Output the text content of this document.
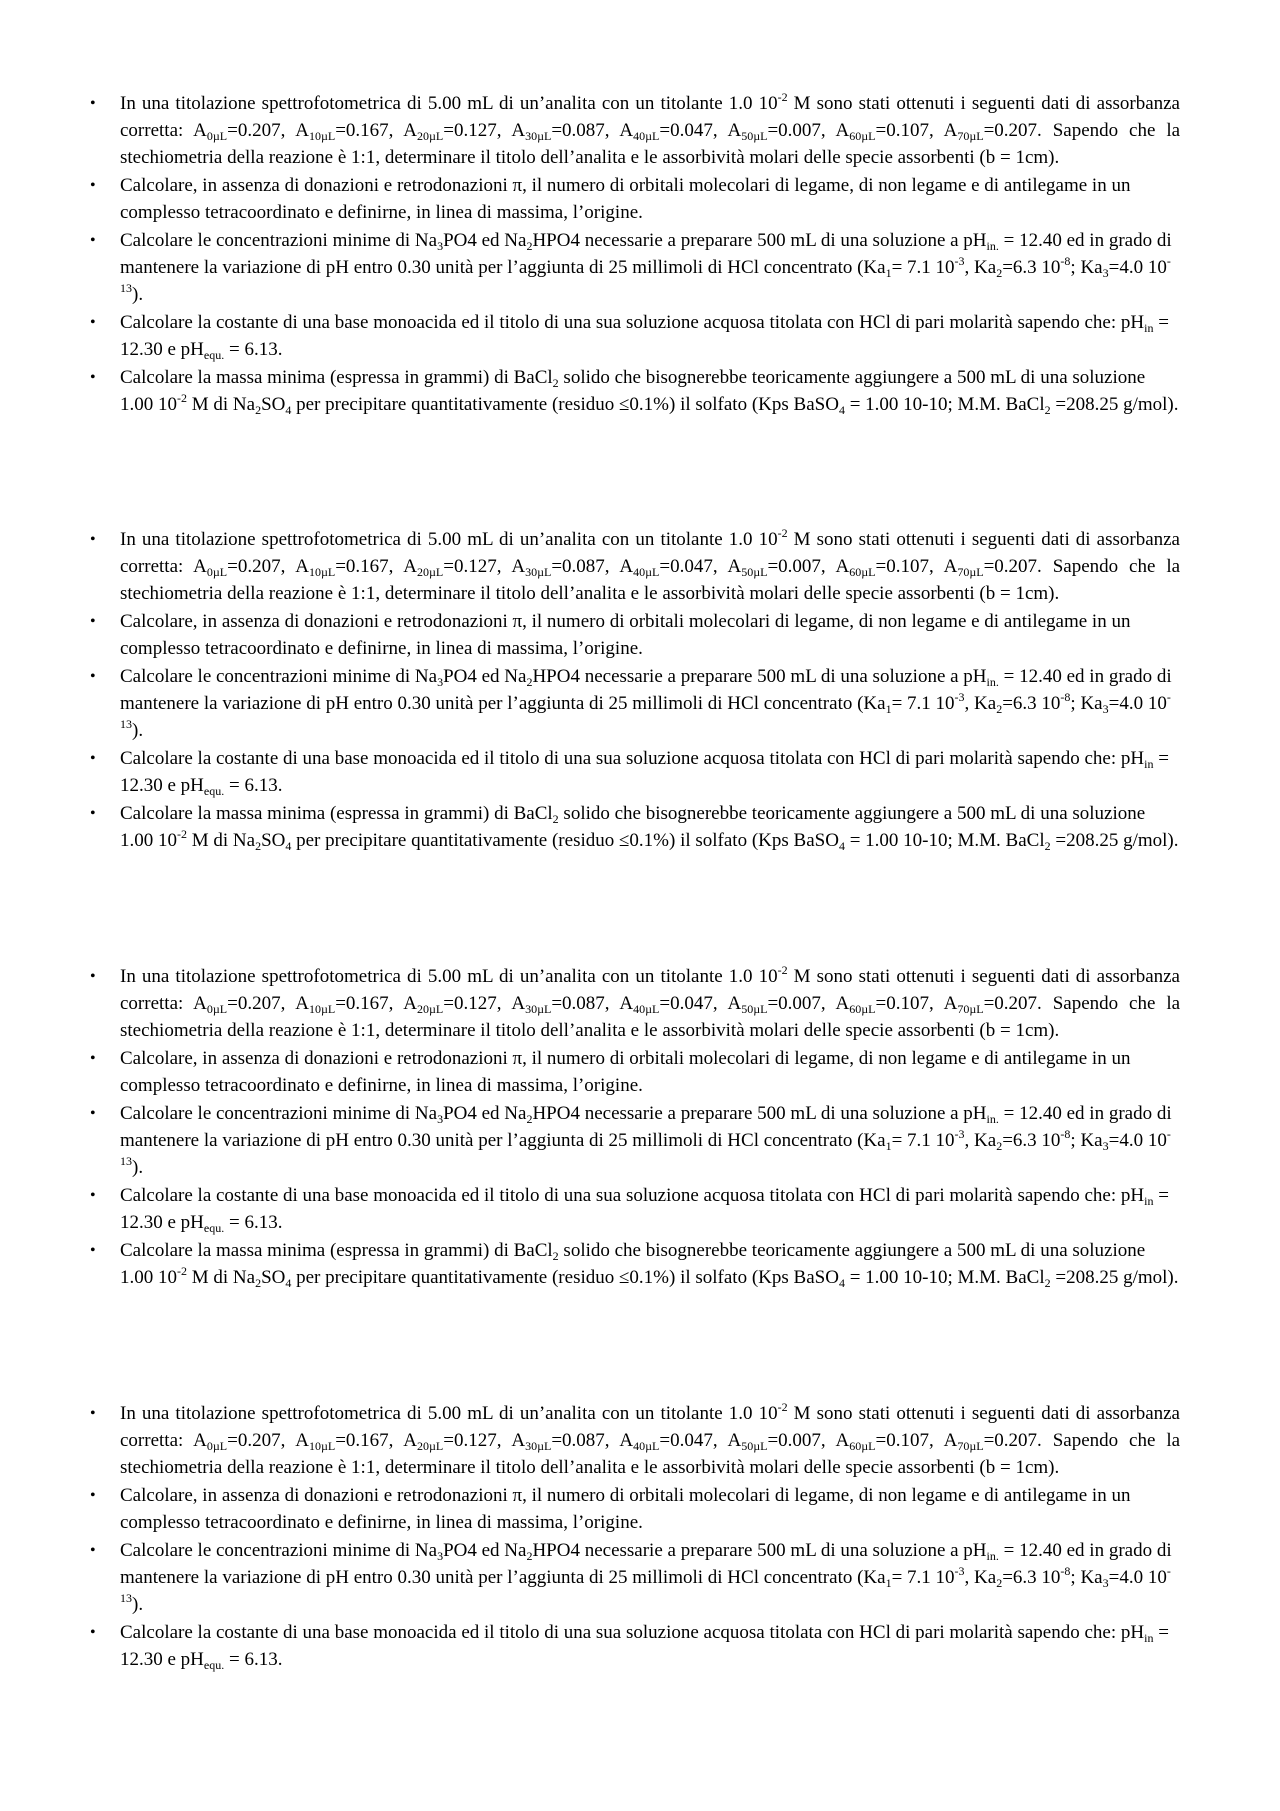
•	In una titolazione spettrofotometrica di 5.00 mL di un’analita con un titolante 1.0 $10^{-2}$ M sono stati ottenuti i seguenti dati di assorbanza corretta: $A_{0\mu L}=0.207$, $A_{10\mu L}=0.167$, $A_{20\mu L}=0.127$, $A_{30\mu L}=0.087$, $A_{40\mu L}=0.047$, $A_{50\mu L}=0.007$, $A_{60\mu L}=0.107$, $A_{70\mu L}=0.207$. Sapendo che la stechiometria della reazione è 1:1, determinare il titolo dell’analita e le assorbività molari delle specie assorbenti (b = 1cm).

•	Calcolare, in assenza di donazioni e retrodonazioni π, il numero di orbitali molecolari di legame, di non legame e di antilegame in un complesso tetracoordinato e definirne, in linea di massima, l’origine.

•	Calcolare le concentrazioni minime di $Na_3PO4$ ed $Na_2HPO4$ necessarie a preparare 500 mL di una soluzione a $pH_{in.} = 12.40$ ed in grado di mantenere la variazione di pH entro 0.30 unità per l’aggiunta di 25 millimoli di HCl concentrato ($Ka_1= 7.1$ $10^{-3}$, $Ka_2=6.3$ $10^{-8}$; $Ka_3=4.0$ $10^{-13}$).

•	Calcolare la costante di una base monoacida ed il titolo di una sua soluzione acquosa titolata con HCl di pari molarità sapendo che: $pH_{in} = 12.30$ e $pH_{equ.} = 6.13$.

•	Calcolare la massa minima (espressa in grammi) di BaCl$_2$ solido che bisognerebbe teoricamente aggiungere a 500 mL di una soluzione 1.00 $10^{-2}$ M di $Na_2SO_4$ per precipitare quantitativamente (residuo ≤0.1%) il solfato (Kps BaSO$_4$ = 1.00 10-10; M.M. BaCl$_2$ =208.25 g/mol).

•	In una titolazione spettrofotometrica di 5.00 mL di un’analita con un titolante 1.0 $10^{-2}$ M sono stati ottenuti i seguenti dati di assorbanza corretta: $A_{0\mu L}=0.207$, $A_{10\mu L}=0.167$, $A_{20\mu L}=0.127$, $A_{30\mu L}=0.087$, $A_{40\mu L}=0.047$, $A_{50\mu L}=0.007$, $A_{60\mu L}=0.107$, $A_{70\mu L}=0.207$. Sapendo che la stechiometria della reazione è 1:1, determinare il titolo dell’analita e le assorbività molari delle specie assorbenti (b = 1cm).

•	Calcolare, in assenza di donazioni e retrodonazioni π, il numero di orbitali molecolari di legame, di non legame e di antilegame in un complesso tetracoordinato e definirne, in linea di massima, l’origine.

•	Calcolare le concentrazioni minime di $Na_3PO4$ ed $Na_2HPO4$ necessarie a preparare 500 mL di una soluzione a $pH_{in.} = 12.40$ ed in grado di mantenere la variazione di pH entro 0.30 unità per l’aggiunta di 25 millimoli di HCl concentrato ($Ka_1= 7.1$ $10^{-3}$, $Ka_2=6.3$ $10^{-8}$; $Ka_3=4.0$ $10^{-13}$).

•	Calcolare la costante di una base monoacida ed il titolo di una sua soluzione acquosa titolata con HCl di pari molarità sapendo che: $pH_{in} = 12.30$ e $pH_{equ.} = 6.13$.

•	Calcolare la massa minima (espressa in grammi) di BaCl$_2$ solido che bisognerebbe teoricamente aggiungere a 500 mL di una soluzione 1.00 $10^{-2}$ M di $Na_2SO_4$ per precipitare quantitativamente (residuo ≤0.1%) il solfato (Kps BaSO$_4$ = 1.00 10-10; M.M. BaCl$_2$ =208.25 g/mol).

•	In una titolazione spettrofotometrica di 5.00 mL di un’analita con un titolante 1.0 $10^{-2}$ M sono stati ottenuti i seguenti dati di assorbanza corretta: $A_{0\mu L}=0.207$, $A_{10\mu L}=0.167$, $A_{20\mu L}=0.127$, $A_{30\mu L}=0.087$, $A_{40\mu L}=0.047$, $A_{50\mu L}=0.007$, $A_{60\mu L}=0.107$, $A_{70\mu L}=0.207$. Sapendo che la stechiometria della reazione è 1:1, determinare il titolo dell’analita e le assorbività molari delle specie assorbenti (b = 1cm).

•	Calcolare, in assenza di donazioni e retrodonazioni π, il numero di orbitali molecolari di legame, di non legame e di antilegame in un complesso tetracoordinato e definirne, in linea di massima, l’origine.

•	Calcolare le concentrazioni minime di $Na_3PO4$ ed $Na_2HPO4$ necessarie a preparare 500 mL di una soluzione a $pH_{in.} = 12.40$ ed in grado di mantenere la variazione di pH entro 0.30 unità per l’aggiunta di 25 millimoli di HCl concentrato ($Ka_1= 7.1$ $10^{-3}$, $Ka_2=6.3$ $10^{-8}$; $Ka_3=4.0$ $10^{-13}$).

•	Calcolare la costante di una base monoacida ed il titolo di una sua soluzione acquosa titolata con HCl di pari molarità sapendo che: $pH_{in} = 12.30$ e $pH_{equ.} = 6.13$.

•	Calcolare la massa minima (espressa in grammi) di BaCl$_2$ solido che bisognerebbe teoricamente aggiungere a 500 mL di una soluzione 1.00 $10^{-2}$ M di $Na_2SO_4$ per precipitare quantitativamente (residuo ≤0.1%) il solfato (Kps BaSO$_4$ = 1.00 10-10; M.M. BaCl$_2$ =208.25 g/mol).

•	In una titolazione spettrofotometrica di 5.00 mL di un’analita con un titolante 1.0 $10^{-2}$ M sono stati ottenuti i seguenti dati di assorbanza corretta: $A_{0\mu L}=0.207$, $A_{10\mu L}=0.167$, $A_{20\mu L}=0.127$, $A_{30\mu L}=0.087$, $A_{40\mu L}=0.047$, $A_{50\mu L}=0.007$, $A_{60\mu L}=0.107$, $A_{70\mu L}=0.207$. Sapendo che la stechiometria della reazione è 1:1, determinare il titolo dell’analita e le assorbività molari delle specie assorbenti (b = 1cm).

•	Calcolare, in assenza di donazioni e retrodonazioni π, il numero di orbitali molecolari di legame, di non legame e di antilegame in un complesso tetracoordinato e definirne, in linea di massima, l’origine.

•	Calcolare le concentrazioni minime di $Na_3PO4$ ed $Na_2HPO4$ necessarie a preparare 500 mL di una soluzione a $pH_{in.} = 12.40$ ed in grado di mantenere la variazione di pH entro 0.30 unità per l’aggiunta di 25 millimoli di HCl concentrato ($Ka_1= 7.1$ $10^{-3}$, $Ka_2=6.3$ $10^{-8}$; $Ka_3=4.0$ $10^{-13}$).

•	Calcolare la costante di una base monoacida ed il titolo di una sua soluzione acquosa titolata con HCl di pari molarità sapendo che: $pH_{in} = 12.30$ e $pH_{equ.} = 6.13$.
